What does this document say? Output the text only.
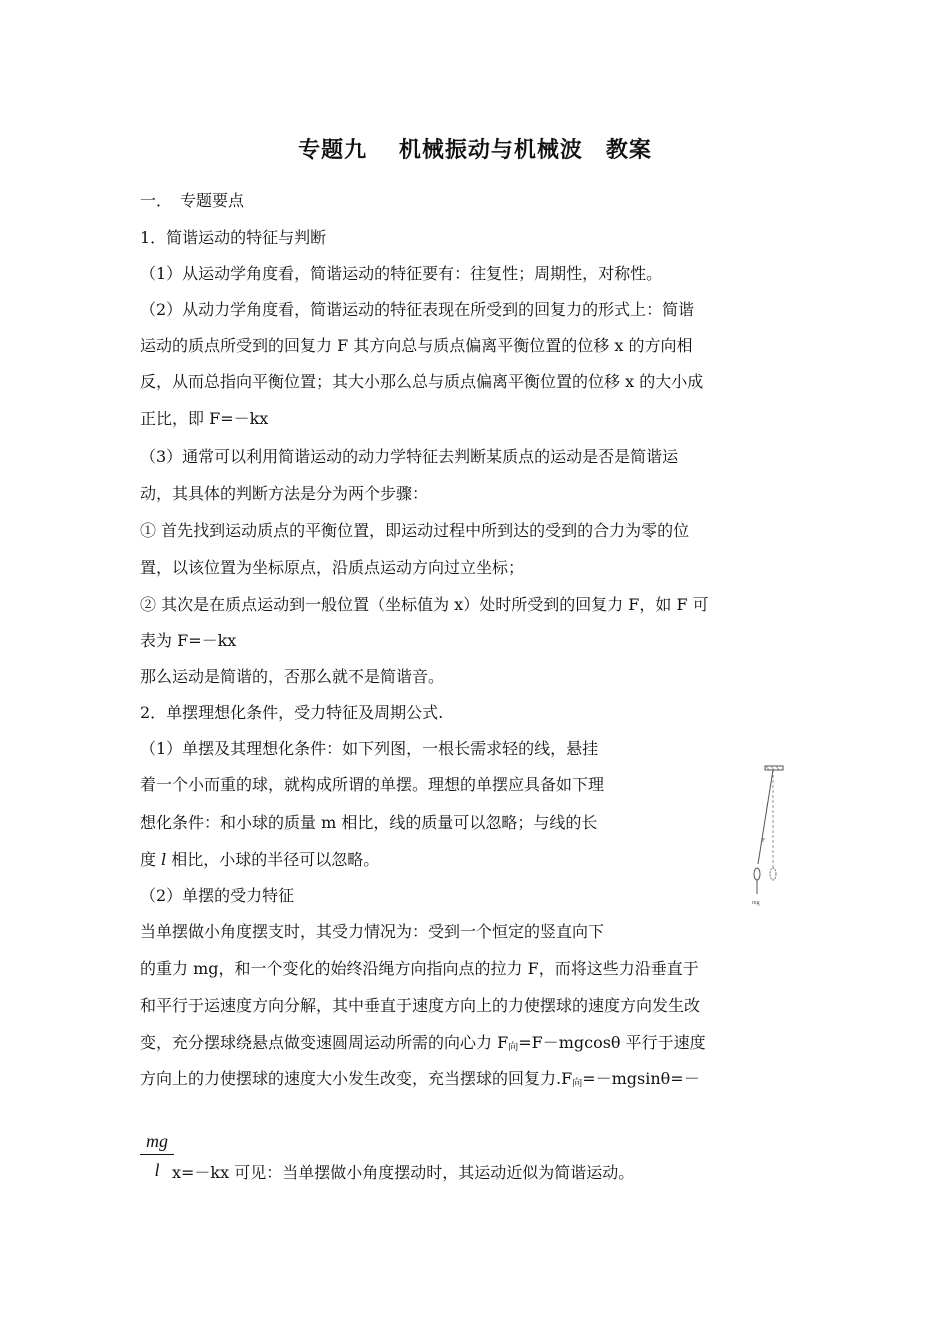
专题九　 机械振动与机械波　教案
一．　专题要点
1．简谐运动的特征与判断
（1）从运动学角度看，简谐运动的特征要有：往复性；周期性，对称性。
（2）从动力学角度看，简谐运动的特征表现在所受到的回复力的形式上：简谐
运动的质点所受到的回复力 F 其方向总与质点偏离平衡位置的位移 x 的方向相
反，从而总指向平衡位置；其大小那么总与质点偏离平衡位置的位移 x 的大小成
正比，即 F=－kx
（3）通常可以利用简谐运动的动力学特征去判断某质点的运动是否是简谐运
动，其具体的判断方法是分为两个步骤：
① 首先找到运动质点的平衡位置，即运动过程中所到达的受到的合力为零的位
置，以该位置为坐标原点，沿质点运动方向过立坐标；
② 其次是在质点运动到一般位置（坐标值为 x）处时所受到的回复力 F，如 F 可
表为 F=－kx
那么运动是简谐的，否那么就不是简谐音。
2．单摆理想化条件，受力特征及周期公式.
（1）单摆及其理想化条件：如下列图，一根长需求轻的线，悬挂
着一个小而重的球，就构成所谓的单摆。理想的单摆应具备如下理
想化条件：和小球的质量 m 相比，线的质量可以忽略；与线的长
度 l 相比，小球的半径可以忽略。
（2）单摆的受力特征
当单摆做小角度摆支时，其受力情况为：受到一个恒定的竖直向下
的重力 mg，和一个变化的始终沿绳方向指向点的拉力 F，而将这些力沿垂直于
和平行于运速度方向分解，其中垂直于速度方向上的力使摆球的速度方向发生改
变，充分摆球绕悬点做变速圆周运动所需的向心力 $F_向=F-mgcos\theta$ 平行于速度
方向上的力使摆球的速度大小发生改变，充当摆球的回复力$.F_向=-mgsin\theta=-$
$\frac{mg}{l}$
x=－kx 可见：当单摆做小角度摆动时，其运动近似为简谐运动。
l
F
mg
